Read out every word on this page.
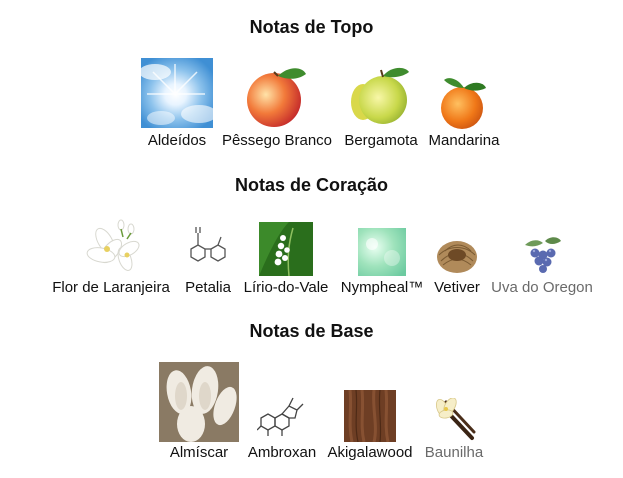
Notas de Topo
Aldeídos	Pêssego Branco Bergamota Mandarina
Notas de Coração
Flor de Laranjeira	Petalia Lírio-do-Vale Nympheal™ Vetiver Uva do Oregon
Notas de Base
Almíscar	Ambroxan Akigalawood Baunilha
